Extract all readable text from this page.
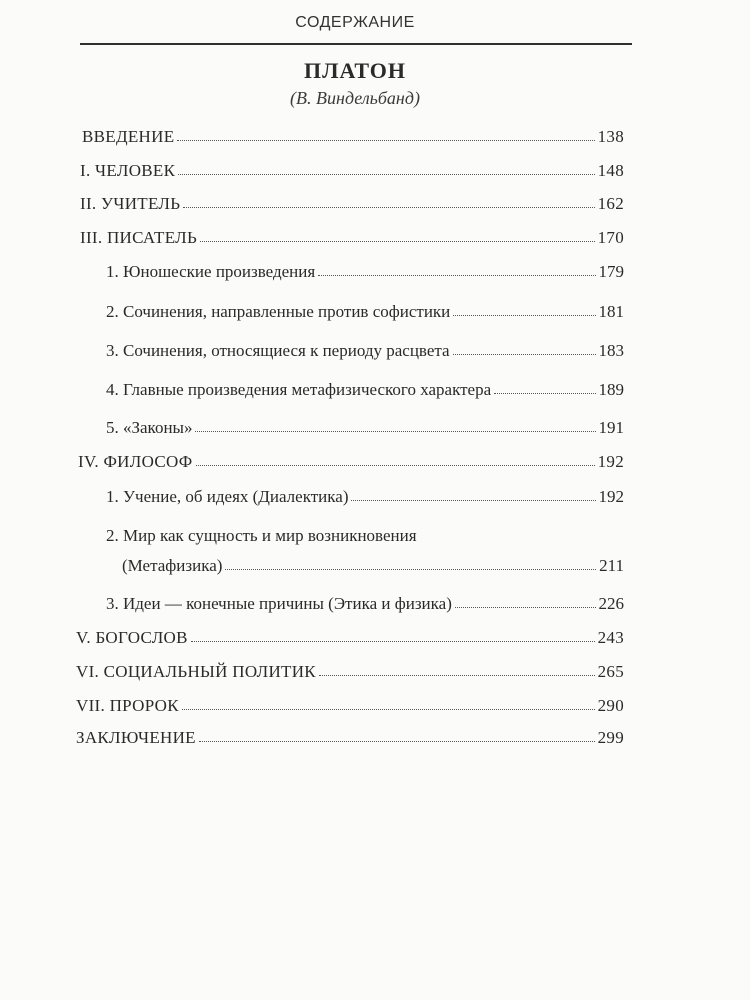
СОДЕРЖАНИЕ
ПЛАТОН
(В. Виндельбанд)
ВВЕДЕНИЕ	138
I. ЧЕЛОВЕК	148
II. УЧИТЕЛЬ	162
III. ПИСАТЕЛЬ	170
1. Юношеские произведения	179
2. Сочинения, направленные против софистики	181
3. Сочинения, относящиеся к периоду расцвета	183
4. Главные произведения метафизического характера	189
5. «Законы»	191
IV. ФИЛОСОФ	192
1. Учение, об идеях (Диалектика)	192
2. Мир как сущность и мир возникновения
(Метафизика)	211
3. Идеи — конечные причины (Этика и физика)	226
V. БОГОСЛОВ	243
VI. СОЦИАЛЬНЫЙ ПОЛИТИК	265
VII. ПРОРОК	290
ЗАКЛЮЧЕНИЕ	299
